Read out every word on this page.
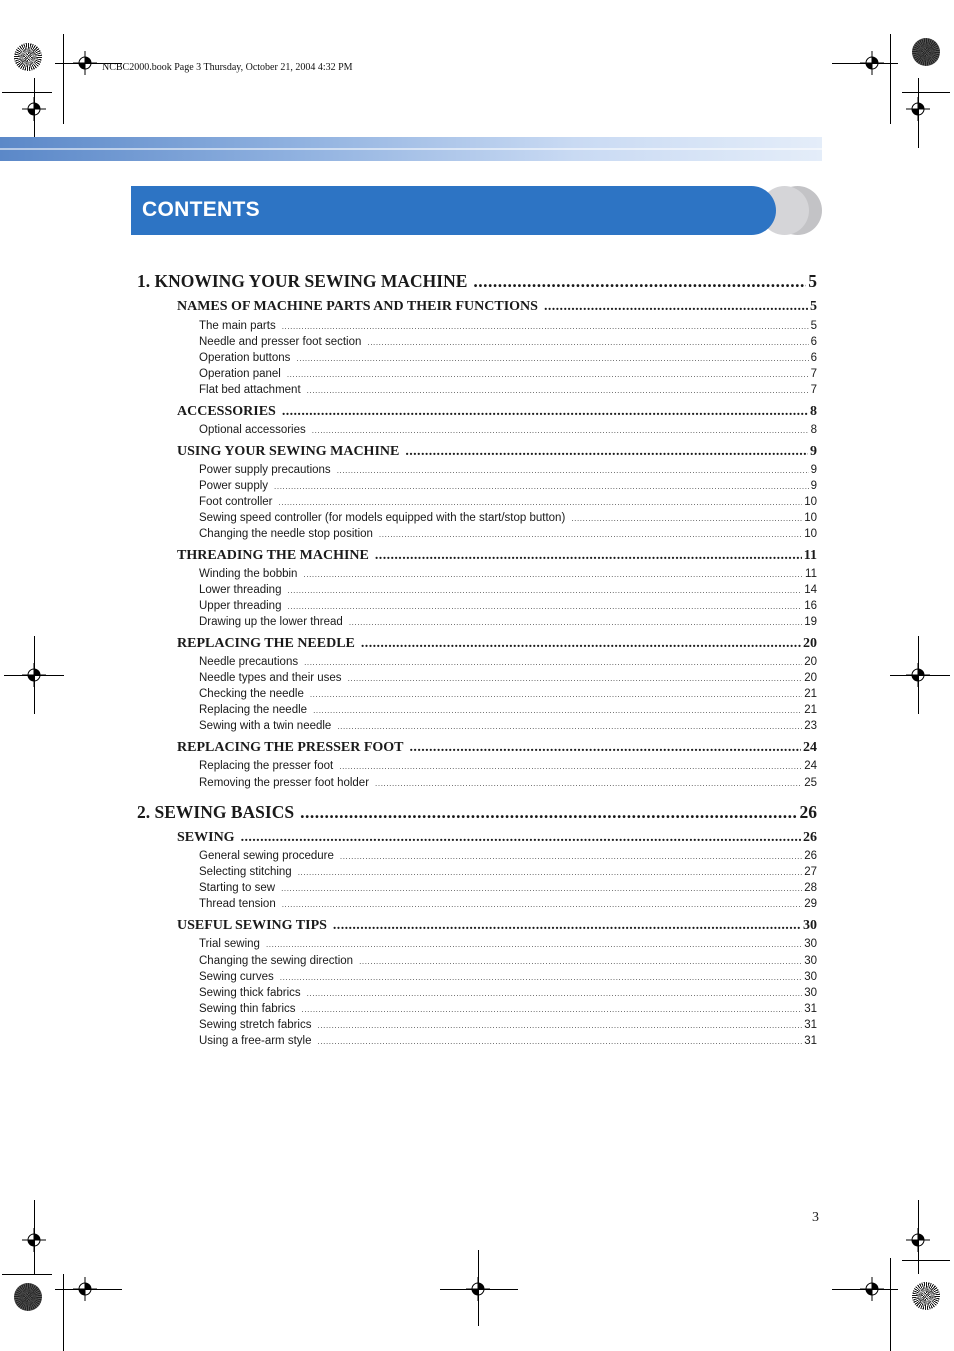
NCBC2000.book Page 3 Thursday, October 21, 2004 4:32 PM
CONTENTS
1. KNOWING YOUR SEWING MACHINE .....	5
NAMES OF MACHINE PARTS AND THEIR FUNCTIONS .....	5
The main parts .....	5
Needle and presser foot section .....	6
Operation buttons .....	6
Operation panel .....	7
Flat bed attachment .....	7
ACCESSORIES .....	8
Optional accessories .....	8
USING YOUR SEWING MACHINE .....	9
Power supply precautions .....	9
Power supply .....	9
Foot controller .....	10
Sewing speed controller (for models equipped with the start/stop button) .....	10
Changing the needle stop position .....	10
THREADING THE MACHINE .....	11
Winding the bobbin .....	11
Lower threading .....	14
Upper threading .....	16
Drawing up the lower thread .....	19
REPLACING THE NEEDLE .....	20
Needle precautions .....	20
Needle types and their uses .....	20
Checking the needle .....	21
Replacing the needle .....	21
Sewing with a twin needle .....	23
REPLACING THE PRESSER FOOT .....	24
Replacing the presser foot .....	24
Removing the presser foot holder .....	25
2. SEWING BASICS .....	26
SEWING .....	26
General sewing procedure .....	26
Selecting stitching .....	27
Starting to sew .....	28
Thread tension .....	29
USEFUL SEWING TIPS .....	30
Trial sewing .....	30
Changing the sewing direction .....	30
Sewing curves .....	30
Sewing thick fabrics .....	30
Sewing thin fabrics .....	31
Sewing stretch fabrics .....	31
Using a free-arm style .....	31
3
